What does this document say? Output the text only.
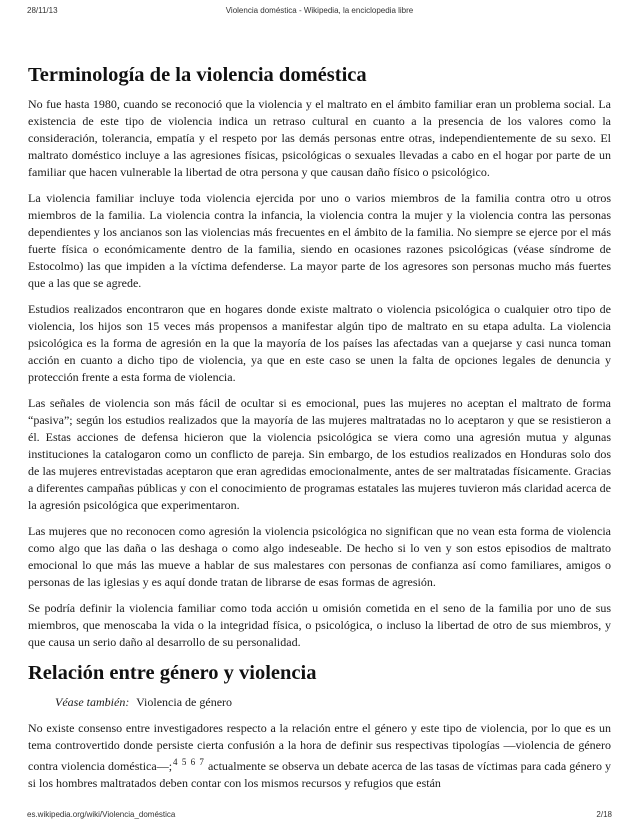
28/11/13	Violencia doméstica - Wikipedia, la enciclopedia libre
Terminología de la violencia doméstica

No fue hasta 1980, cuando se reconoció que la violencia y el maltrato en el ámbito familiar eran un problema social. La existencia de este tipo de violencia indica un retraso cultural en cuanto a la presencia de los valores como la consideración, tolerancia, empatía y el respeto por las demás personas entre otras, independientemente de su sexo. El maltrato doméstico incluye a las agresiones físicas, psicológicas o sexuales llevadas a cabo en el hogar por parte de un familiar que hacen vulnerable la libertad de otra persona y que causan daño físico o psicológico.

La violencia familiar incluye toda violencia ejercida por uno o varios miembros de la familia contra otro u otros miembros de la familia. La violencia contra la infancia, la violencia contra la mujer y la violencia contra las personas dependientes y los ancianos son las violencias más frecuentes en el ámbito de la familia. No siempre se ejerce por el más fuerte física o económicamente dentro de la familia, siendo en ocasiones razones psicológicas (véase síndrome de Estocolmo) las que impiden a la víctima defenderse. La mayor parte de los agresores son personas mucho más fuertes que a las que se agrede.

Estudios realizados encontraron que en hogares donde existe maltrato o violencia psicológica o cualquier otro tipo de violencia, los hijos son 15 veces más propensos a manifestar algún tipo de maltrato en su etapa adulta. La violencia psicológica es la forma de agresión en la que la mayoría de los países las afectadas van a quejarse y casi nunca toman acción en cuanto a dicho tipo de violencia, ya que en este caso se unen la falta de opciones legales de denuncia y protección frente a esta forma de violencia.

Las señales de violencia son más fácil de ocultar si es emocional, pues las mujeres no aceptan el maltrato de forma “pasiva”; según los estudios realizados que la mayoría de las mujeres maltratadas no lo aceptaron y que se resistieron a él. Estas acciones de defensa hicieron que la violencia psicológica se viera como una agresión mutua y algunas instituciones la catalogaron como un conflicto de pareja. Sin embargo, de los estudios realizados en Honduras solo dos de las mujeres entrevistadas aceptaron que eran agredidas emocionalmente, antes de ser maltratadas físicamente. Gracias a diferentes campañas públicas y con el conocimiento de programas estatales las mujeres tuvieron más claridad acerca de la agresión psicológica que experimentaron.

Las mujeres que no reconocen como agresión la violencia psicológica no significan que no vean esta forma de violencia como algo que las daña o las deshaga o como algo indeseable. De hecho si lo ven y son estos episodios de maltrato emocional lo que más las mueve a hablar de sus malestares con personas de confianza así como familiares, amigos o personas de las iglesias y es aquí donde tratan de librarse de esas formas de agresión.

Se podría definir la violencia familiar como toda acción u omisión cometida en el seno de la familia por uno de sus miembros, que menoscaba la vida o la integridad física, o psicológica, o incluso la libertad de otro de sus miembros, y que causa un serio daño al desarrollo de su personalidad.

Relación entre género y violencia
Véase también: Violencia de género

No existe consenso entre investigadores respecto a la relación entre el género y este tipo de violencia, por lo que es un tema controvertido donde persiste cierta confusión a la hora de definir sus respectivas tipologías —violencia de género contra violencia doméstica—;$^{4 5 6 7}$ actualmente se observa un debate acerca de las tasas de víctimas para cada género y si los hombres maltratados deben contar con los mismos recursos y refugios que están

es.wikipedia.org/wiki/Violencia_doméstica	2/18
